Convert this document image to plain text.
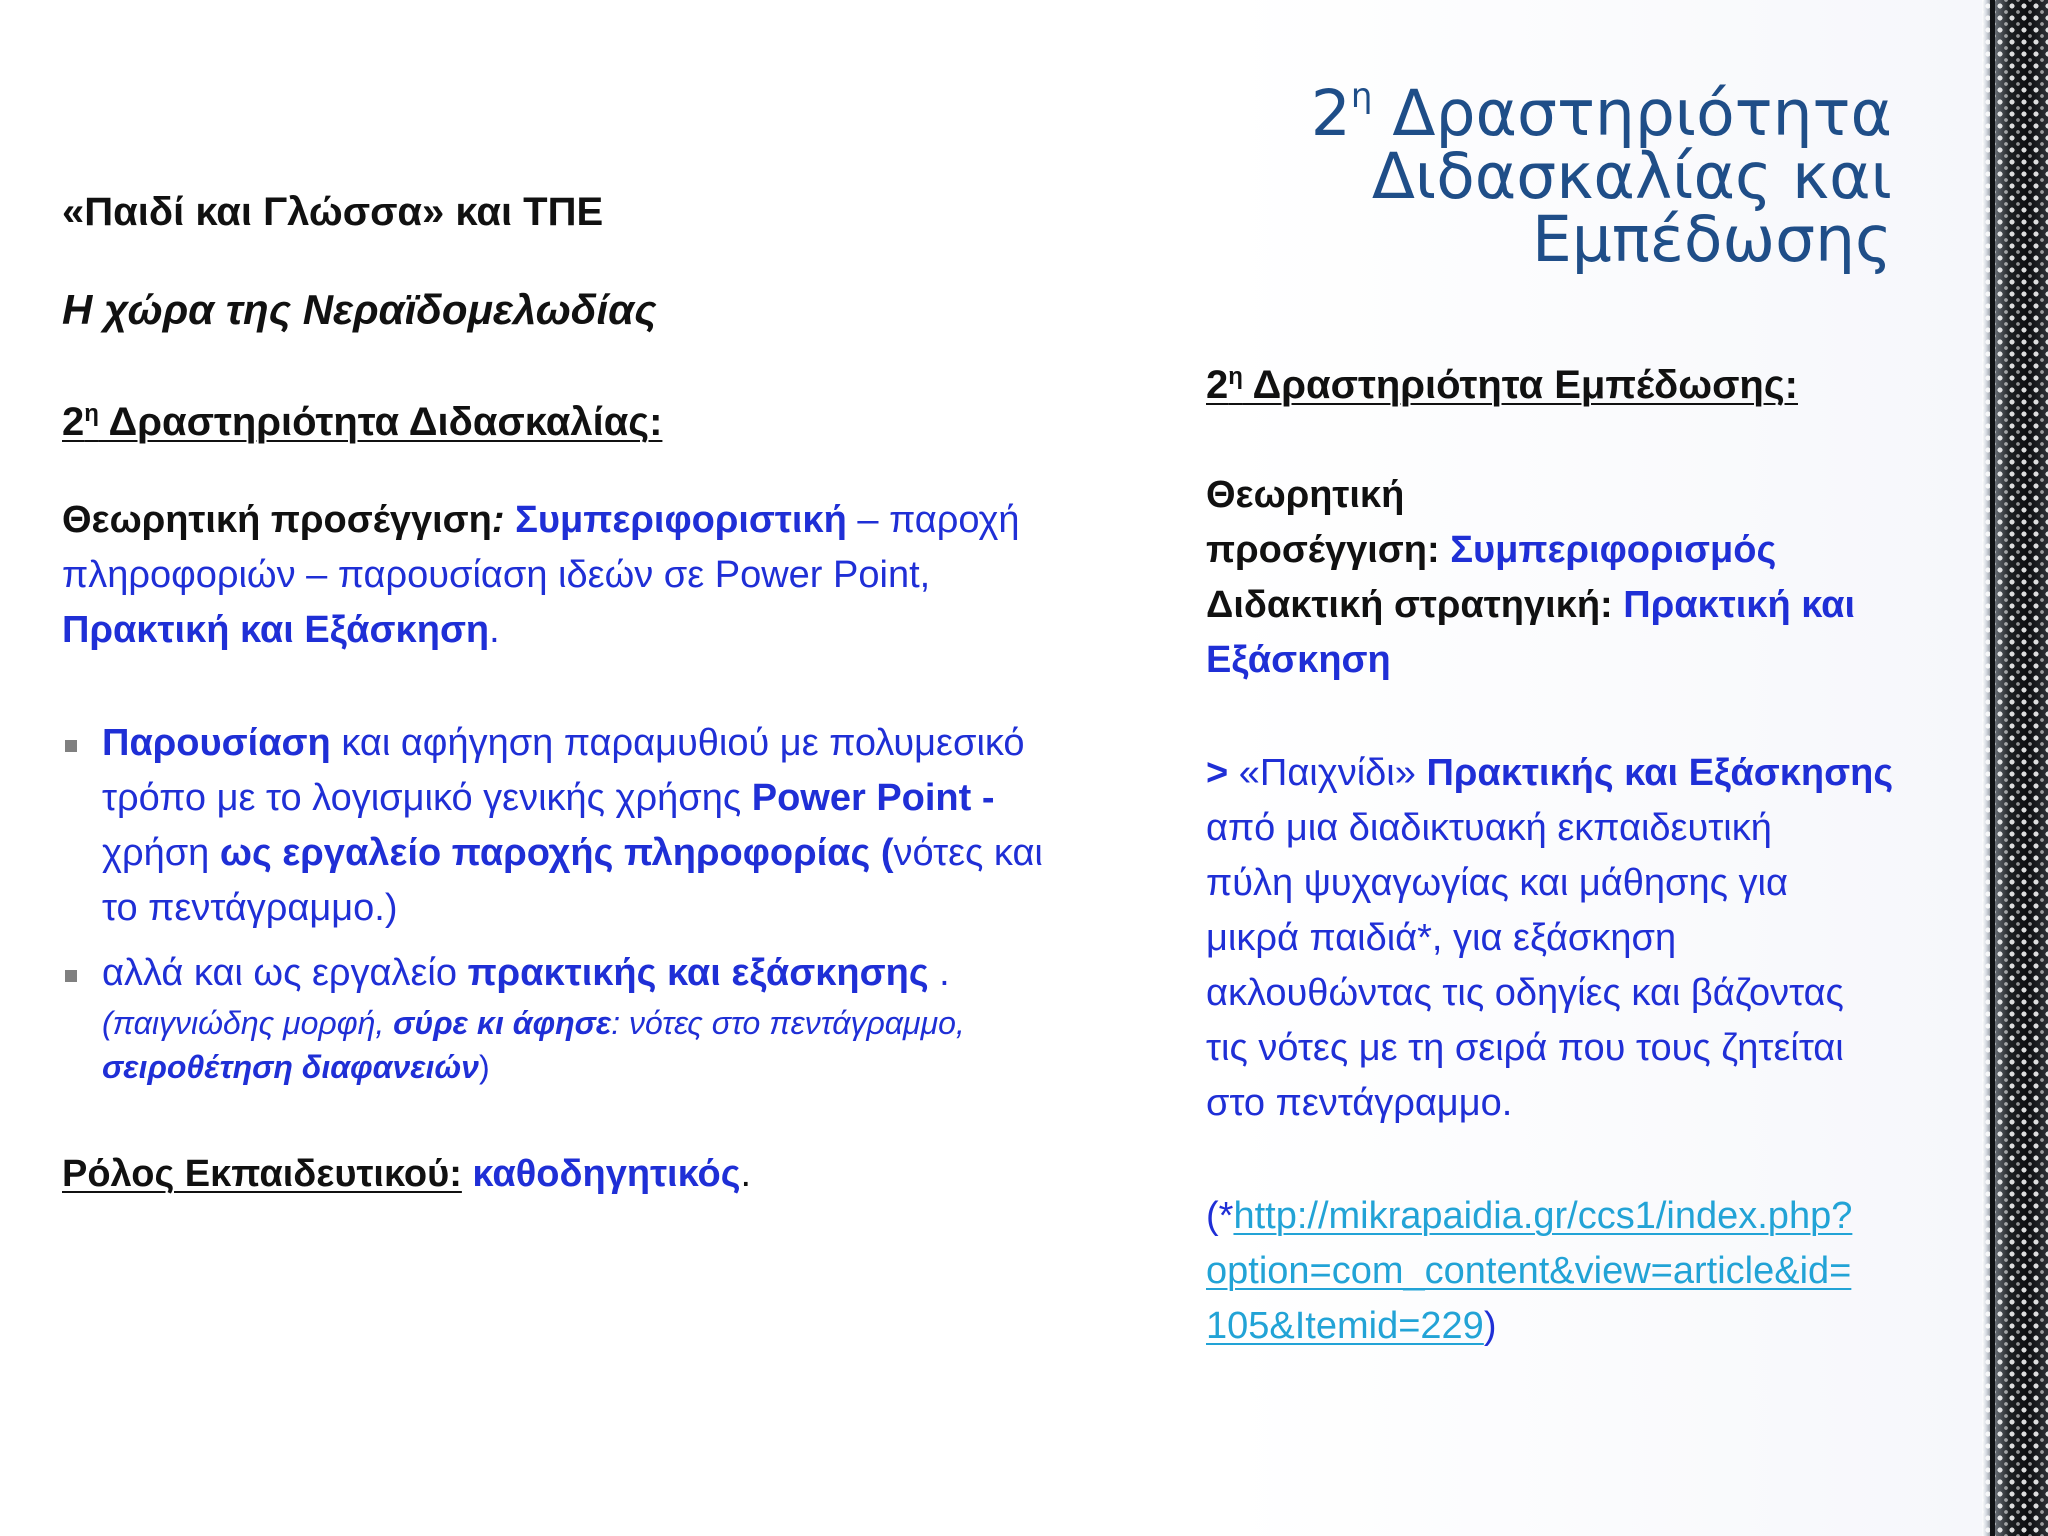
$2^\eta$ Δραστηριότητα
Διδασκαλίας και
Εμπέδωσης
«Παιδί και Γλώσσα» και ΤΠΕ
Η χώρα της Νεραϊδομελωδίας
$2^\eta$ Δραστηριότητα Διδασκαλίας:
Θεωρητική προσέγγιση: Συμπεριφοριστική – παροχή
πληροφοριών – παρουσίαση ιδεών σε Power Point,
Πρακτική και Εξάσκηση.
Παρουσίαση και αφήγηση παραμυθιού με πολυμεσικό
τρόπο με το λογισμικό γενικής χρήσης Power Point -
χρήση ως εργαλείο παροχής πληροφορίας (νότες και
το πεντάγραμμο.)
αλλά και ως εργαλείο πρακτικής και εξάσκησης .
(παιγνιώδης μορφή, σύρε κι άφησε: νότες στο πεντάγραμμο,
σειροθέτηση διαφανειών)
Ρόλος Εκπαιδευτικού: καθοδηγητικός.
$2^\eta$ Δραστηριότητα Εμπέδωσης:
Θεωρητική
προσέγγιση: Συμπεριφορισμός
Διδακτική στρατηγική: Πρακτική και
Εξάσκηση
> «Παιχνίδι» Πρακτικής και Εξάσκησης
από μια διαδικτυακή εκπαιδευτική
πύλη ψυχαγωγίας και μάθησης για
μικρά παιδιά*, για εξάσκηση
ακλουθώντας τις οδηγίες και βάζοντας
τις νότες με τη σειρά που τους ζητείται
στο πεντάγραμμο.
(*http://mikrapaidia.gr/ccs1/index.php?
option=com_content&view=article&id=
105&Itemid=229)
